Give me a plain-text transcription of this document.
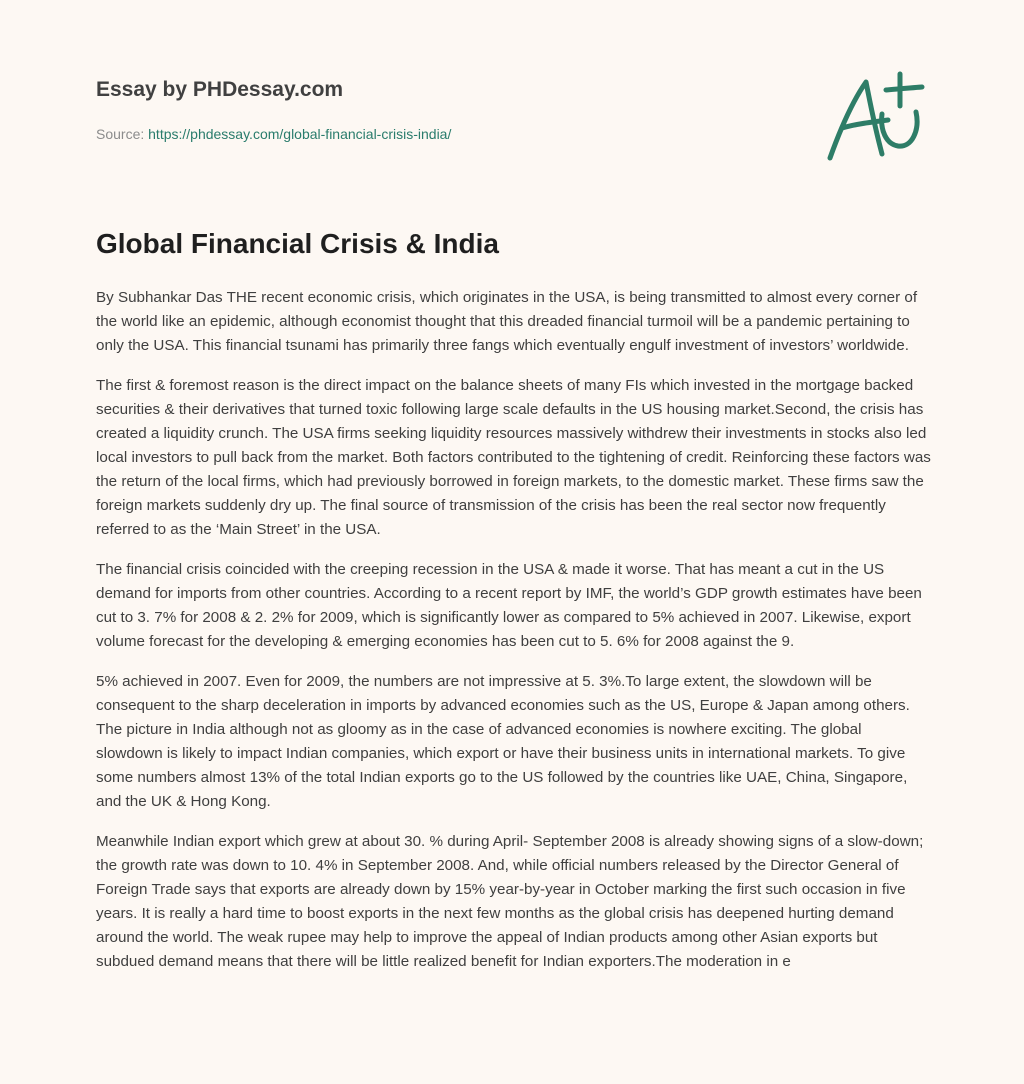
Essay by PHDessay.com
Source: https://phdessay.com/global-financial-crisis-india/
Global Financial Crisis & India

By Subhankar Das THE recent economic crisis, which originates in the USA, is being transmitted to almost every corner of the world like an epidemic, although economist thought that this dreaded financial turmoil will be a pandemic pertaining to only the USA. This financial tsunami has primarily three fangs which eventually engulf investment of investors’ worldwide.

The first & foremost reason is the direct impact on the balance sheets of many FIs which invested in the mortgage backed securities & their derivatives that turned toxic following large scale defaults in the US housing market.Second, the crisis has created a liquidity crunch. The USA firms seeking liquidity resources massively withdrew their investments in stocks also led local investors to pull back from the market. Both factors contributed to the tightening of credit. Reinforcing these factors was the return of the local firms, which had previously borrowed in foreign markets, to the domestic market. These firms saw the foreign markets suddenly dry up. The final source of transmission of the crisis has been the real sector now frequently referred to as the ‘Main Street’ in the USA.

The financial crisis coincided with the creeping recession in the USA & made it worse. That has meant a cut in the US demand for imports from other countries. According to a recent report by IMF, the world’s GDP growth estimates have been cut to 3. 7% for 2008 & 2. 2% for 2009, which is significantly lower as compared to 5% achieved in 2007. Likewise, export volume forecast for the developing & emerging economies has been cut to 5. 6% for 2008 against the 9.

5% achieved in 2007. Even for 2009, the numbers are not impressive at 5. 3%.To large extent, the slowdown will be consequent to the sharp deceleration in imports by advanced economies such as the US, Europe & Japan among others. The picture in India although not as gloomy as in the case of advanced economies is nowhere exciting. The global slowdown is likely to impact Indian companies, which export or have their business units in international markets. To give some numbers almost 13% of the total Indian exports go to the US followed by the countries like UAE, China, Singapore, and the UK & Hong Kong.

Meanwhile Indian export which grew at about 30. % during April- September 2008 is already showing signs of a slow-down; the growth rate was down to 10. 4% in September 2008. And, while official numbers released by the Director General of Foreign Trade says that exports are already down by 15% year-by-year in October marking the first such occasion in five years. It is really a hard time to boost exports in the next few months as the global crisis has deepened hurting demand around the world. The weak rupee may help to improve the appeal of Indian products among other Asian exports but subdued demand means that there will be little realized benefit for Indian exporters.The moderation in e
